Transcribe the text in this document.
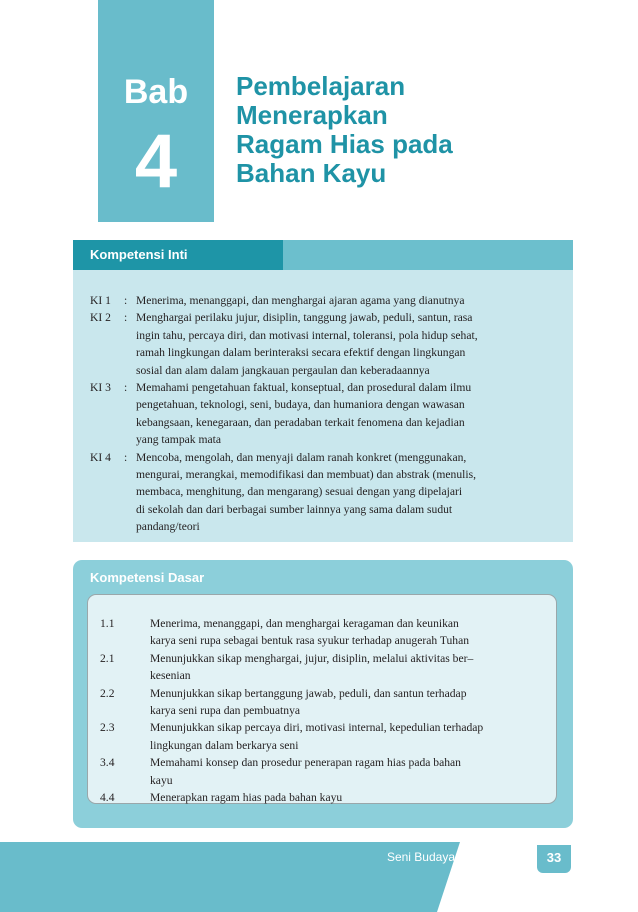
Bab
4
Pembelajaran
Menerapkan
Ragam Hias pada
Bahan Kayu
Kompetensi Inti
KI 1	: Menerima, menanggapi, dan menghargai ajaran agama yang dianutnya
KI 2	: Menghargai perilaku jujur, disiplin, tanggung jawab, peduli, santun, rasa
ingin tahu, percaya diri, dan motivasi internal, toleransi, pola hidup sehat,
ramah lingkungan dalam berinteraksi secara efektif dengan lingkungan
sosial dan alam dalam jangkauan pergaulan dan keberadaannya
KI 3	: Memahami pengetahuan faktual, konseptual, dan prosedural dalam ilmu
pengetahuan, teknologi, seni, budaya, dan humaniora dengan wawasan
kebangsaan, kenegaraan, dan peradaban terkait fenomena dan kejadian
yang tampak mata
KI 4	: Mencoba, mengolah, dan menyaji dalam ranah konkret (menggunakan,
mengurai, merangkai, memodifikasi dan membuat) dan abstrak (menulis,
membaca, menghitung, dan mengarang) sesuai dengan yang dipelajari
di sekolah dan dari berbagai sumber lainnya yang sama dalam sudut
pandang/teori
Kompetensi Dasar
1.1	Menerima, menanggapi, dan menghargai keragaman dan keunikan
karya seni rupa sebagai bentuk rasa syukur terhadap anugerah Tuhan
2.1	Menunjukkan sikap menghargai, jujur, disiplin, melalui aktivitas ber–
kesenian
2.2	Menunjukkan sikap bertanggung jawab, peduli, dan santun terhadap
karya seni rupa dan pembuatnya
2.3	Menunjukkan sikap percaya diri, motivasi internal, kepedulian terhadap
lingkungan dalam berkarya seni
3.4	Memahami konsep dan prosedur penerapan ragam hias pada bahan
kayu
4.4	Menerapkan ragam hias pada bahan kayu
Seni Budaya	33
